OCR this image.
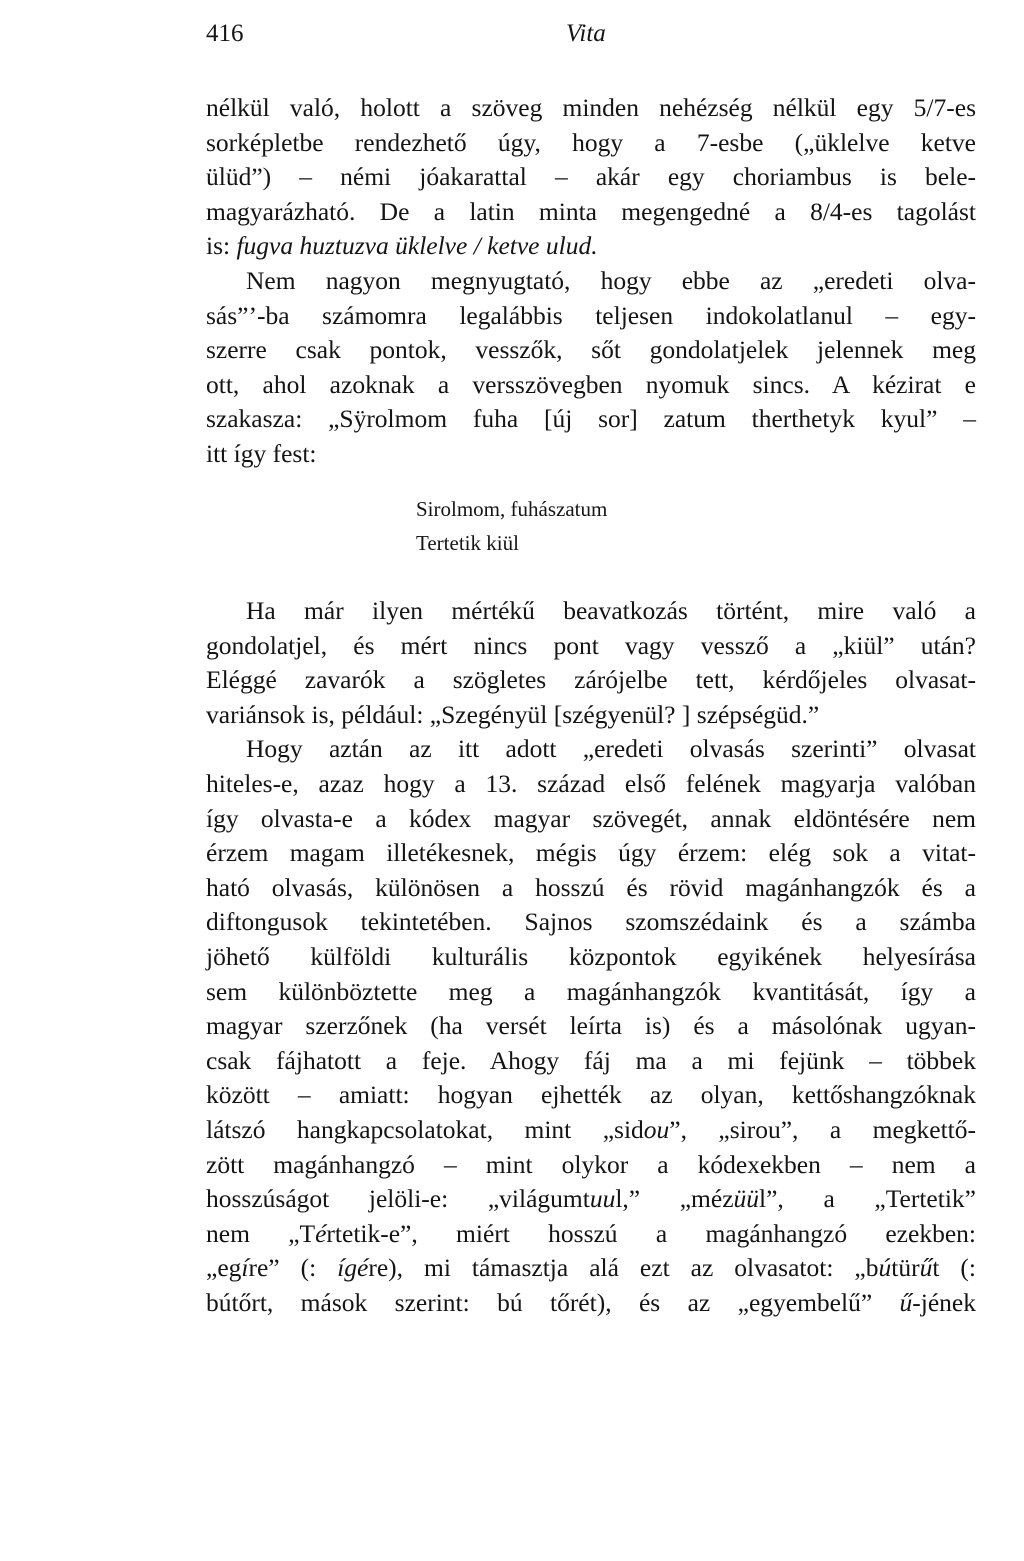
416	Vita
nélkül való, holott a szöveg minden nehézség nélkül egy 5/7-es
sorképletbe rendezhető úgy, hogy a 7-esbe („üklelve ketve
ülüd”) – némi jóakarattal – akár egy choriambus is bele-
magyarázható. De a latin minta megengedné a 8/4-es tagolást
is: fugva huztuzva üklelve / ketve ulud.
Nem nagyon megnyugtató, hogy ebbe az „eredeti olva-
sás”’-ba számomra legalábbis teljesen indokolatlanul – egy-
szerre csak pontok, vesszők, sőt gondolatjelek jelennek meg
ott, ahol azoknak a versszövegben nyomuk sincs. A kézirat e
szakasza: „Sÿrolmom fuha [új sor] zatum therthetyk kyul” –
itt így fest:
Sirolmom, fuhászatum
Tertetik kiül
Ha már ilyen mértékű beavatkozás történt, mire való a
gondolatjel, és mért nincs pont vagy vessző a „kiül” után?
Eléggé zavarók a szögletes zárójelbe tett, kérdőjeles olvasat-
variánsok is, például: „Szegényül [szégyenül? ] szépségüd.”
Hogy aztán az itt adott „eredeti olvasás szerinti” olvasat
hiteles-e, azaz hogy a 13. század első felének magyarja valóban
így olvasta-e a kódex magyar szövegét, annak eldöntésére nem
érzem magam illetékesnek, mégis úgy érzem: elég sok a vitat-
ható olvasás, különösen a hosszú és rövid magánhangzók és a
diftongusok tekintetében. Sajnos szomszédaink és a számba
jöhető külföldi kulturális központok egyikének helyesírása
sem különböztette meg a magánhangzók kvantitását, így a
magyar szerzőnek (ha versét leírta is) és a másolónak ugyan-
csak fájhatott a feje. Ahogy fáj ma a mi fejünk – többek
között – amiatt: hogyan ejhették az olyan, kettőshangzóknak
látszó hangkapcsolatokat, mint „sidou”, „sirou”, a megkettő-
zött magánhangzó – mint olykor a kódexekben – nem a
hosszúságot jelöli-e: „világumtuul,” „mézüül”, a „Tertetik”
nem „Tértetik-e”, miért hosszú a magánhangzó ezekben:
„egíre” (: ígére), mi támasztja alá ezt az olvasatot: „bútürűt (:
bútőrt, mások szerint: bú tőrét), és az „egyembelű” ű-jének
